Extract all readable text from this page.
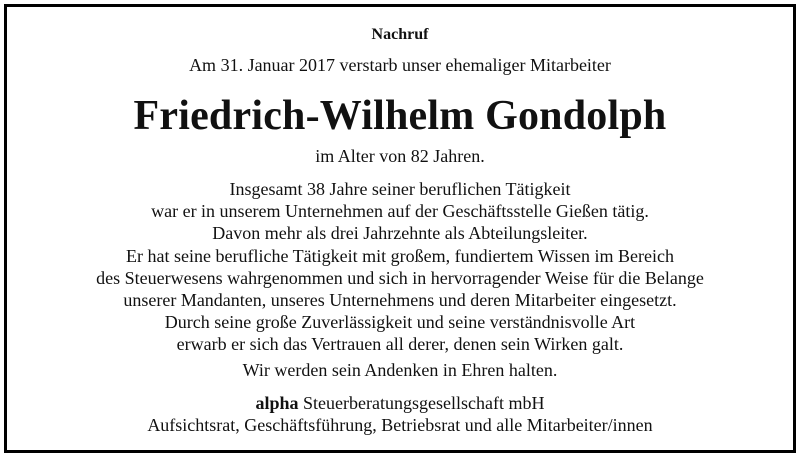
Nachruf
Am 31. Januar 2017 verstarb unser ehemaliger Mitarbeiter
Friedrich-Wilhelm Gondolph
im Alter von 82 Jahren.
Insgesamt 38 Jahre seiner beruflichen Tätigkeit
war er in unserem Unternehmen auf der Geschäftsstelle Gießen tätig.
Davon mehr als drei Jahrzehnte als Abteilungsleiter.
Er hat seine berufliche Tätigkeit mit großem, fundiertem Wissen im Bereich
des Steuerwesens wahrgenommen und sich in hervorragender Weise für die Belange
unserer Mandanten, unseres Unternehmens und deren Mitarbeiter eingesetzt.
Durch seine große Zuverlässigkeit und seine verständnisvolle Art
erwarb er sich das Vertrauen all derer, denen sein Wirken galt.
Wir werden sein Andenken in Ehren halten.
alpha Steuerberatungsgesellschaft mbH
Aufsichtsrat, Geschäftsführung, Betriebsrat und alle Mitarbeiter/innen
